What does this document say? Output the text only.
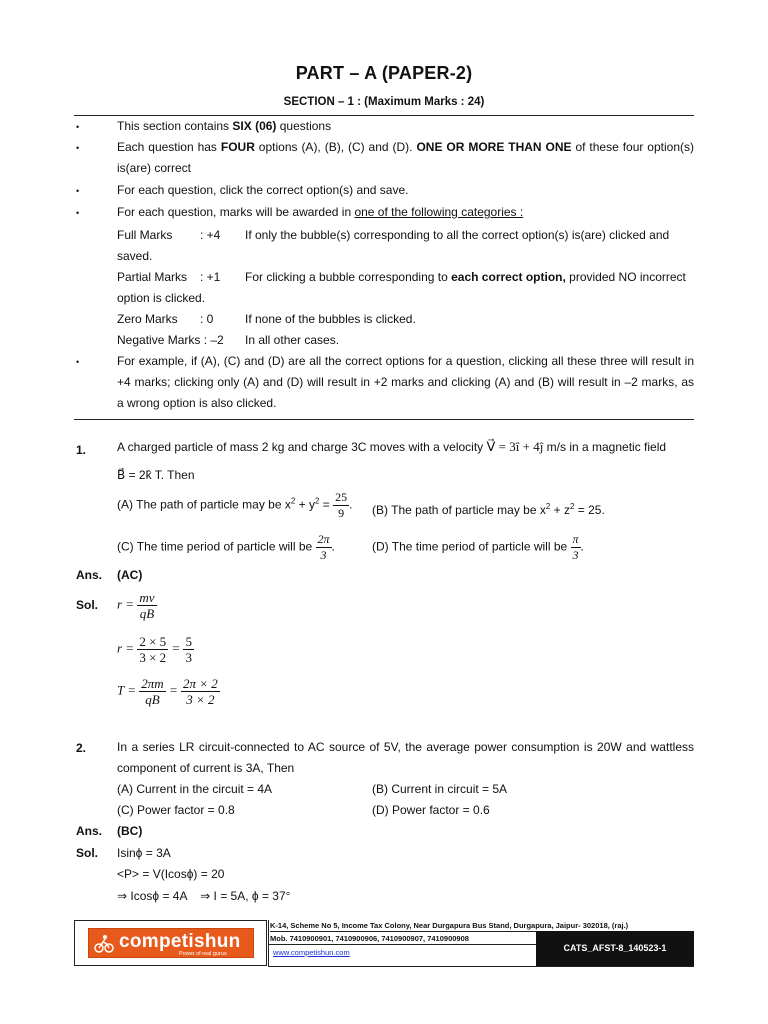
PART – A (PAPER-2)
SECTION – 1 : (Maximum Marks : 24)
•	This section contains SIX (06) questions
•	Each question has FOUR options (A), (B), (C) and (D). ONE OR MORE THAN ONE of these four option(s) is(are) correct
•	For each question, click the correct option(s) and save.
•	For each question, marks will be awarded in one of the following categories :
Full Marks : +4 If only the bubble(s) corresponding to all the correct option(s) is(are) clicked and
saved.
Partial Marks : +1 For clicking a bubble corresponding to each correct option, provided NO incorrect
option is clicked.
Zero Marks : 0	If none of the bubbles is clicked.
Negative Marks : –2 In all other cases.
•	For example, if (A), (C) and (D) are all the correct options for a question, clicking all these three will result in +4 marks; clicking only (A) and (D) will result in +2 marks and clicking (A) and (B) will result in –2 marks, as a wrong option is also clicked.
1.	A charged particle of mass 2 kg and charge 3C moves with a velocity V⃗ = 3î + 4ĵ m/s in a magnetic field
B⃗ = 2k̂ T. Then
(A) The path of particle may be $x^2 + y^2 = \frac{25}{9}$ . (B) The path of particle may be $x^2 + z^2 = 25$.
(C) The time period of particle will be $\frac{2\pi}{3}$ .	(D) The time period of particle will be $\frac{\pi}{3}$ .
Ans. (AC)
Sol. $r = \frac{mv}{qB}$
$r = \frac{2 \times 5}{3 \times 2} = \frac{5}{3}$
$T = \frac{2\pi m}{qB} = \frac{2\pi \times 2}{3 \times 2}$
2.	In a series LR circuit-connected to AC source of 5V, the average power consumption is 20W and wattless component of current is 3A, Then
(A) Current in the circuit = 4A	(B) Current in circuit = 5A
(C) Power factor = 0.8	(D) Power factor = 0.6
Ans. (BC)
Sol. Isinϕ = 3A
<P> = V(Icosϕ) = 20
⇒ Icosϕ = 4A    ⇒ I = 5A, ϕ = 37°
competishun
Power of real gurus
K-14, Scheme No 5, Income Tax Colony, Near Durgapura Bus Stand, Durgapura, Jaipur- 302018, (raj.)
Mob. 7410900901, 7410900906, 7410900907, 7410900908
www.competishun.com	CATS_AFST-8_140523-1
